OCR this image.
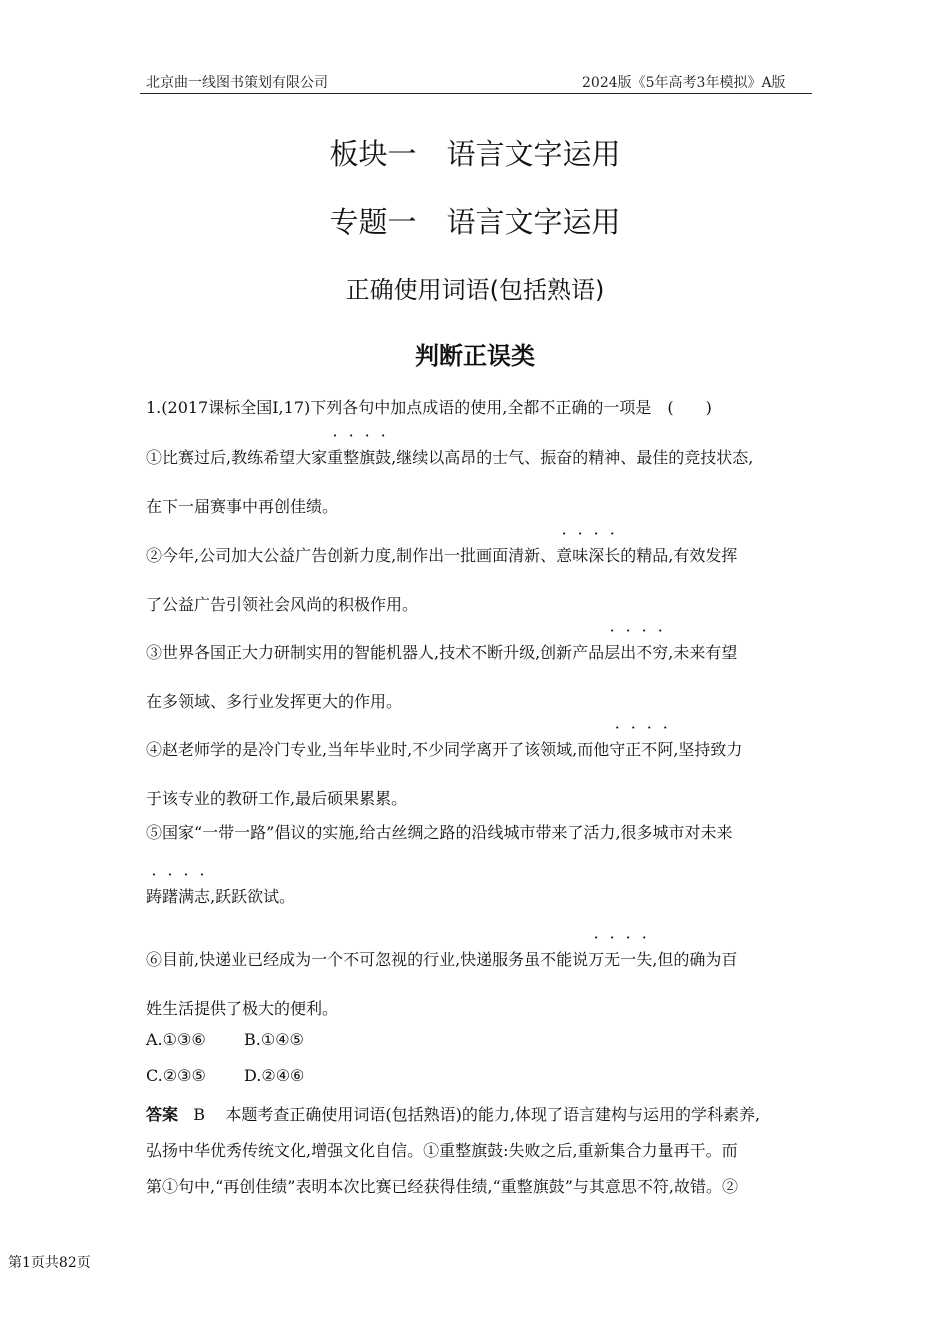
北京曲一线图书策划有限公司	2024版《5年高考3年模拟》A版
板块一 语言文字运用
专题一 语言文字运用
正确使用词语(包括熟语)
判断正误类
1.(2017课标全国Ⅰ,17)下列各句中加点成语的使用,全都不正确的一项是　(　　)
①比赛过后,教练希望大家重整旗鼓,继续以高昂的士气、振奋的精神、最佳的竞技状态,
在下一届赛事中再创佳绩。
②今年,公司加大公益广告创新力度,制作出一批画面清新、意味深长的精品,有效发挥
了公益广告引领社会风尚的积极作用。
③世界各国正大力研制实用的智能机器人,技术不断升级,创新产品层出不穷,未来有望
在多领域、多行业发挥更大的作用。
④赵老师学的是冷门专业,当年毕业时,不少同学离开了该领域,而他守正不阿,坚持致力
于该专业的教研工作,最后硕果累累。
⑤国家“一带一路”倡议的实施,给古丝绸之路的沿线城市带来了活力,很多城市对未来
踌躇满志,跃跃欲试。
⑥目前,快递业已经成为一个不可忽视的行业,快递服务虽不能说万无一失,但的确为百
姓生活提供了极大的便利。
A.①③⑥ B.①④⑤
C.②③⑤ D.②④⑥
答案 B 本题考查正确使用词语(包括熟语)的能力,体现了语言建构与运用的学科素养,
弘扬中华优秀传统文化,增强文化自信。①重整旗鼓:失败之后,重新集合力量再干。而
第①句中,“再创佳绩”表明本次比赛已经获得佳绩,“重整旗鼓”与其意思不符,故错。②
第1页共82页
